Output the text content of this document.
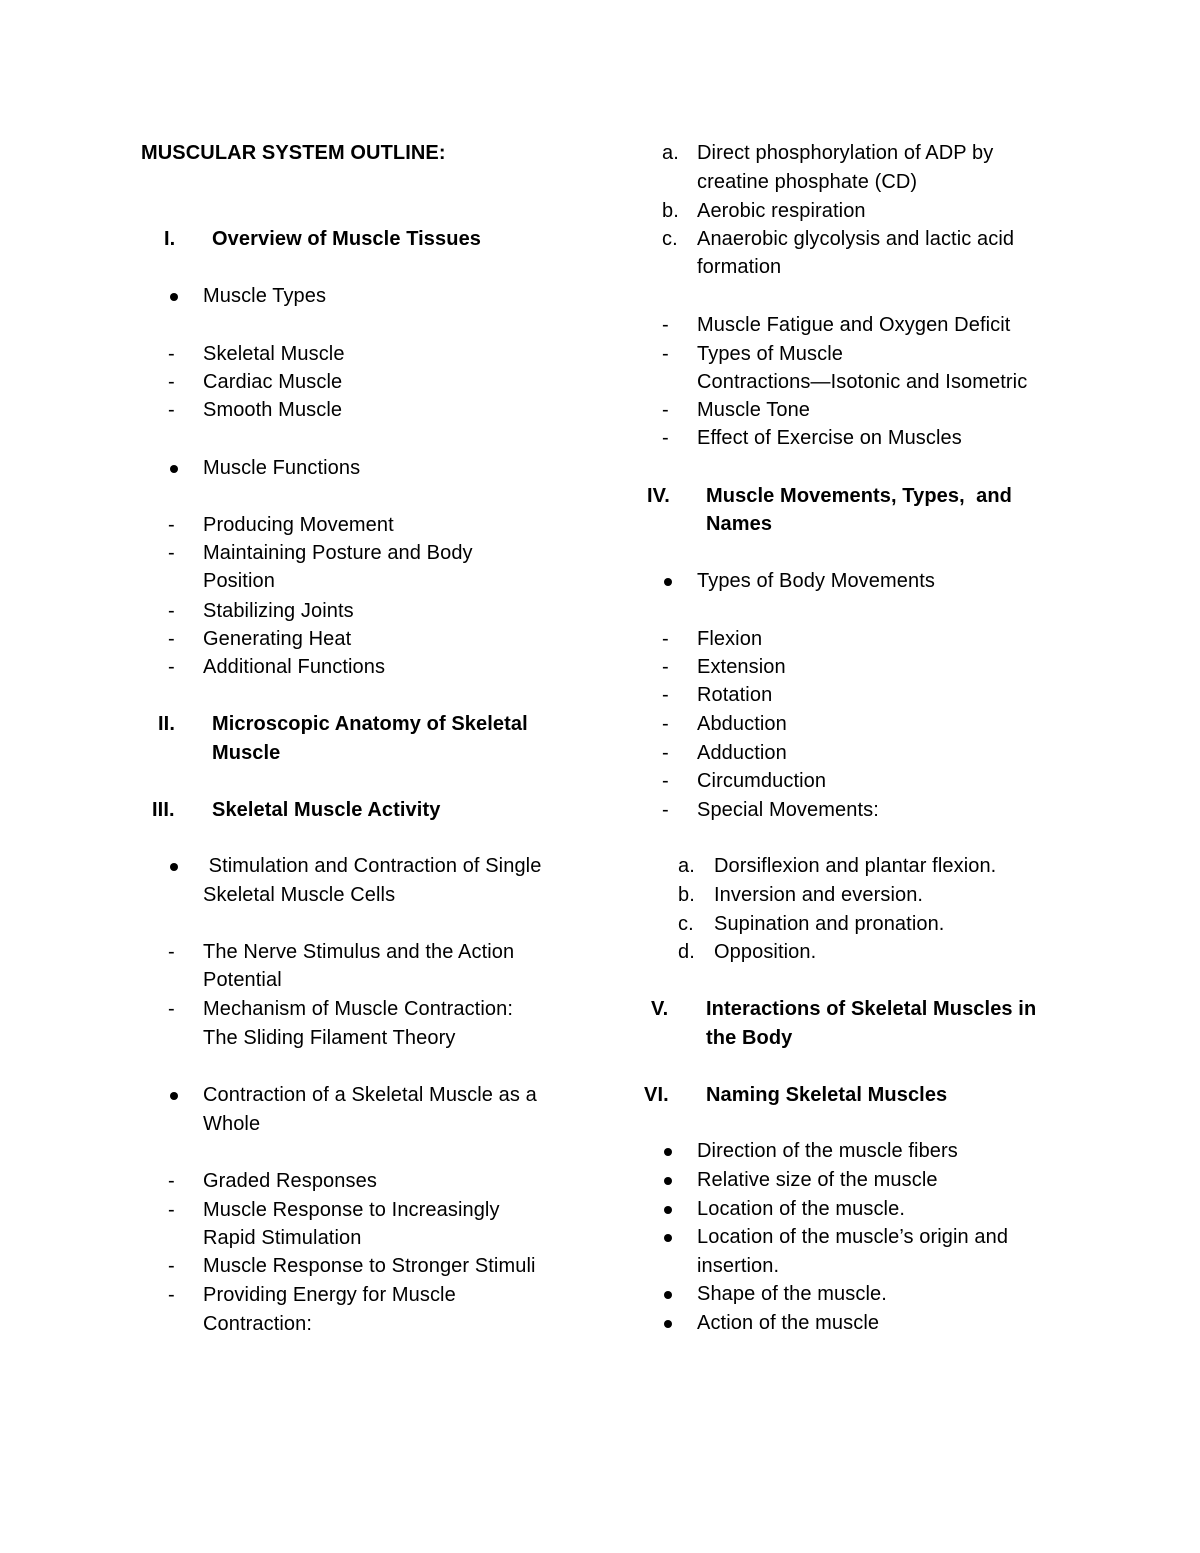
MUSCULAR SYSTEM OUTLINE:
I. Overview of Muscle Tissues
Muscle Types
- Skeletal Muscle
- Cardiac Muscle
- Smooth Muscle
Muscle Functions
- Producing Movement
- Maintaining Posture and Body
Position
- Stabilizing Joints
- Generating Heat
- Additional Functions
II. Microscopic Anatomy of Skeletal
Muscle
III. Skeletal Muscle Activity
Stimulation and Contraction of Single
Skeletal Muscle Cells
- The Nerve Stimulus and the Action
Potential
- Mechanism of Muscle Contraction:
The Sliding Filament Theory
Contraction of a Skeletal Muscle as a
Whole
- Graded Responses
- Muscle Response to Increasingly
Rapid Stimulation
- Muscle Response to Stronger Stimuli
- Providing Energy for Muscle
Contraction:
a. Direct phosphorylation of ADP by
creatine phosphate (CD)
b. Aerobic respiration
c. Anaerobic glycolysis and lactic acid
formation
- Muscle Fatigue and Oxygen Deficit
- Types of Muscle
Contractions—Isotonic and Isometric
- Muscle Tone
- Effect of Exercise on Muscles
IV. Muscle Movements, Types,  and
Names
Types of Body Movements
- Flexion
- Extension
- Rotation
- Abduction
- Adduction
- Circumduction
- Special Movements:
a. Dorsiflexion and plantar flexion.
b. Inversion and eversion.
c. Supination and pronation.
d. Opposition.
V. Interactions of Skeletal Muscles in
the Body
VI. Naming Skeletal Muscles
Direction of the muscle fibers
Relative size of the muscle
Location of the muscle.
Location of the muscle’s origin and
insertion.
Shape of the muscle.
Action of the muscle
